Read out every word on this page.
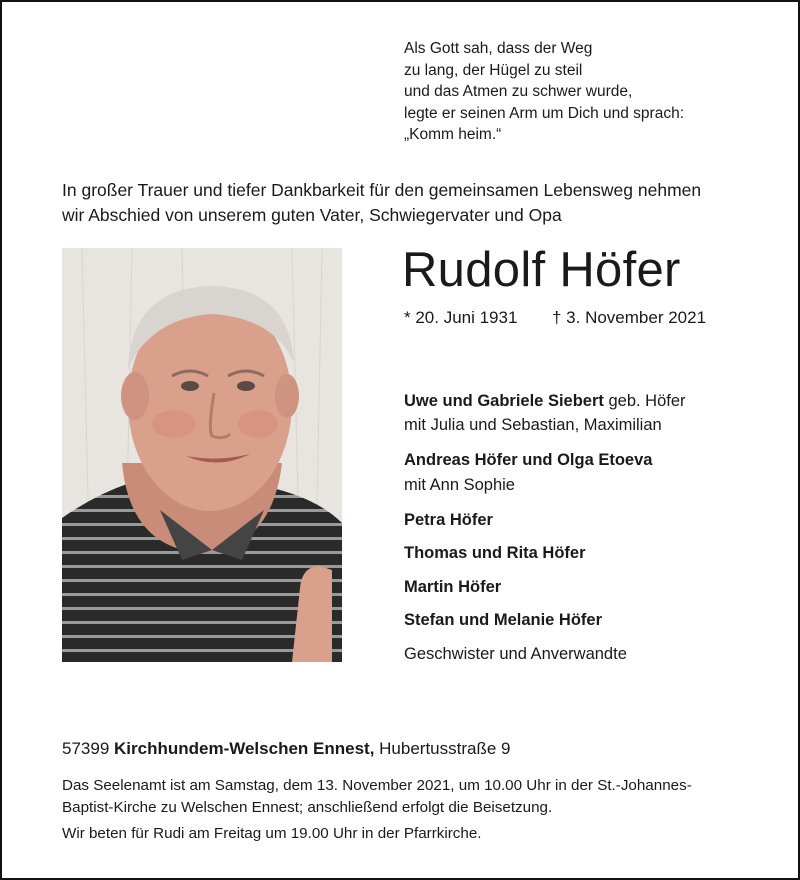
Als Gott sah, dass der Weg
zu lang, der Hügel zu steil
und das Atmen zu schwer wurde,
legte er seinen Arm um Dich und sprach:
„Komm heim.“
In großer Trauer und tiefer Dankbarkeit für den gemeinsamen Lebensweg nehmen
wir Abschied von unserem guten Vater, Schwiegervater und Opa
Rudolf Höfer
* 20. Juni 1931 † 3. November 2021
Uwe und Gabriele Siebert geb. Höfer
mit Julia und Sebastian, Maximilian
Andreas Höfer und Olga Etoeva
mit Ann Sophie
Petra Höfer
Thomas und Rita Höfer
Martin Höfer
Stefan und Melanie Höfer
Geschwister und Anverwandte
57399 Kirchhundem-Welschen Ennest, Hubertusstraße 9
Das Seelenamt ist am Samstag, dem 13. November 2021, um 10.00 Uhr in der St.-Johannes-
Baptist-Kirche zu Welschen Ennest; anschließend erfolgt die Beisetzung.
Wir beten für Rudi am Freitag um 19.00 Uhr in der Pfarrkirche.
